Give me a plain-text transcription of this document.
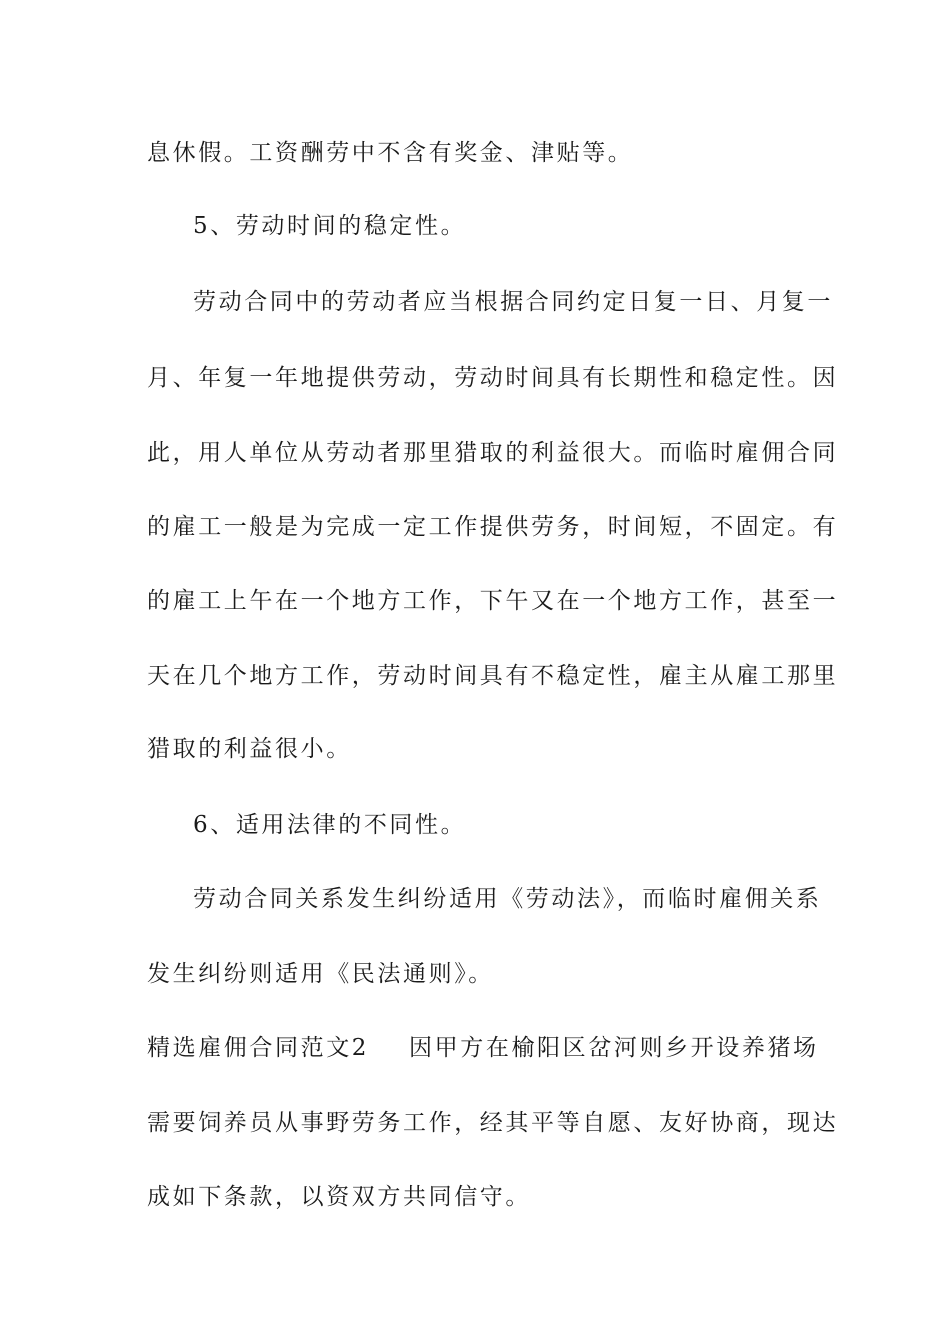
息休假。工资酬劳中不含有奖金、津贴等。
5、劳动时间的稳定性。
劳动合同中的劳动者应当根据合同约定日复一日、月复一
月、年复一年地提供劳动，劳动时间具有长期性和稳定性。因
此，用人单位从劳动者那里猎取的利益很大。而临时雇佣合同
的雇工一般是为完成一定工作提供劳务，时间短，不固定。有
的雇工上午在一个地方工作，下午又在一个地方工作，甚至一
天在几个地方工作，劳动时间具有不稳定性，雇主从雇工那里
猎取的利益很小。
6、适用法律的不同性。
劳动合同关系发生纠纷适用《劳动法》，而临时雇佣关系
发生纠纷则适用《民法通则》。
精选雇佣合同范文2 因甲方在榆阳区岔河则乡开设养猪场
需要饲养员从事野劳务工作，经其平等自愿、友好协商，现达
成如下条款，以资双方共同信守。
